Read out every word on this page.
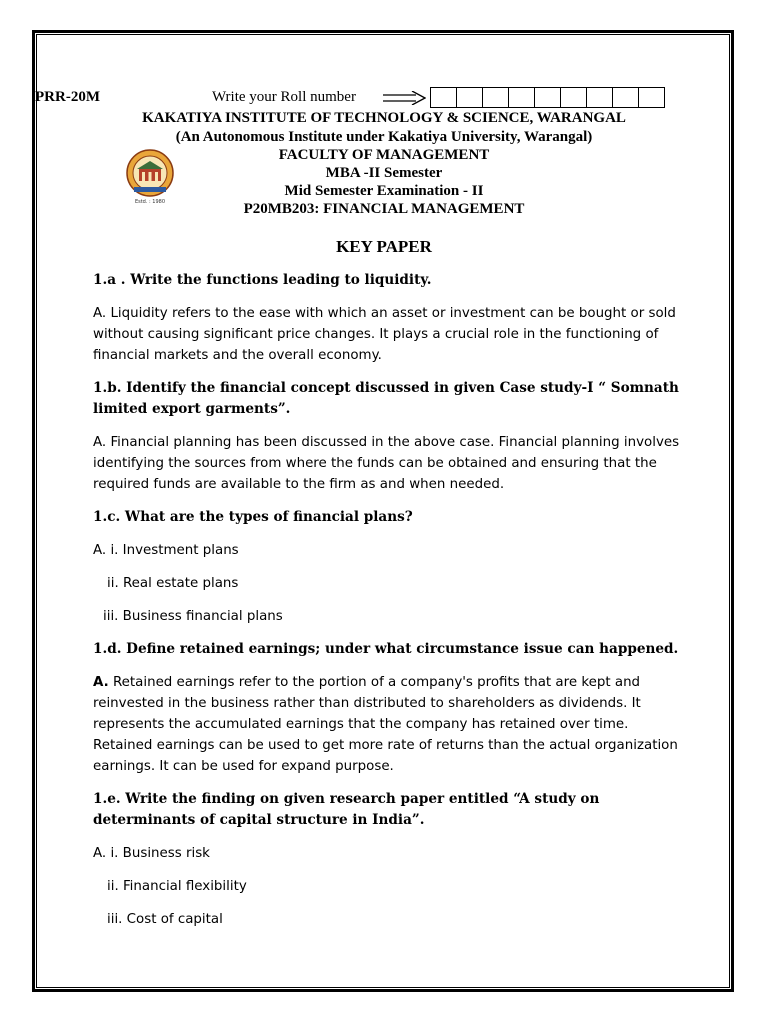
PRR-20M	Write your Roll number
KAKATIYA INSTITUTE OF TECHNOLOGY & SCIENCE, WARANGAL
(An Autonomous Institute under Kakatiya University, Warangal)
FACULTY OF MANAGEMENT
MBA -II Semester
Mid Semester Examination - II
P20MB203: FINANCIAL MANAGEMENT
Estd. : 1980
KEY PAPER

1.a . Write the functions leading to liquidity.

A. Liquidity refers to the ease with which an asset or investment can be bought or sold without causing significant price changes. It plays a crucial role in the functioning of financial markets and the overall economy.

1.b. Identify the financial concept discussed in given Case study-I “ Somnath limited export garments”.

A. Financial planning has been discussed in the above case. Financial planning involves identifying the sources from where the funds can be obtained and ensuring that the required funds are available to the firm as and when needed.

1.c. What are the types of financial plans?

A. i. Investment plans

ii. Real estate plans

iii. Business financial plans

1.d. Define retained earnings; under what circumstance issue can happened.

A. Retained earnings refer to the portion of a company's profits that are kept and reinvested in the business rather than distributed to shareholders as dividends. It represents the accumulated earnings that the company has retained over time. Retained earnings can be used to get more rate of returns than the actual organization earnings. It can be used for expand purpose.

1.e. Write the finding on given research paper entitled “A study on determinants of capital structure in India”.

A. i. Business risk

ii. Financial flexibility

iii. Cost of capital
